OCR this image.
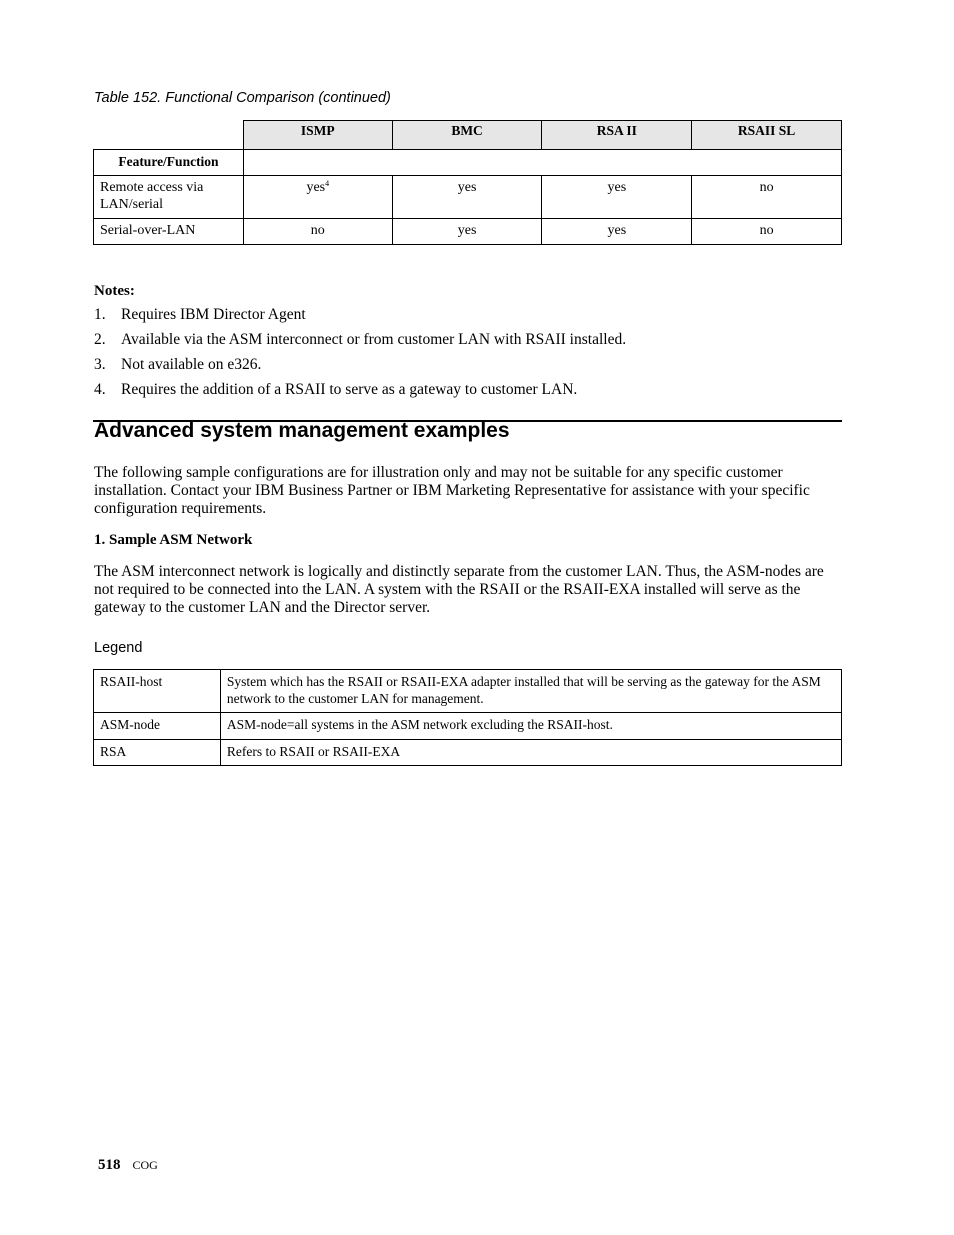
Table 152. Functional Comparison (continued)
	ISMP	BMC	RSA II	RSAII SL
Feature/Function				
Remote access via LAN/serial	yes$^4$	yes	yes	no
Serial-over-LAN	no	yes	yes	no
Notes:
1. Requires IBM Director Agent
2. Available via the ASM interconnect or from customer LAN with RSAII installed.
3. Not available on e326.
4. Requires the addition of a RSAII to serve as a gateway to customer LAN.
Advanced system management examples

The following sample configurations are for illustration only and may not be suitable for any specific customer installation. Contact your IBM Business Partner or IBM Marketing Representative for assistance with your specific configuration requirements.

1. Sample ASM Network

The ASM interconnect network is logically and distinctly separate from the customer LAN. Thus, the ASM-nodes are not required to be connected into the LAN. A system with the RSAII or the RSAII-EXA installed will serve as the gateway to the customer LAN and the Director server.

Legend
RSAII-host	System which has the RSAII or RSAII-EXA adapter installed that will be serving as the gateway for the ASM network to the customer LAN for management.
ASM-node	ASM-node=all systems in the ASM network excluding the RSAII-host.
RSA	Refers to RSAII or RSAII-EXA
518 COG
